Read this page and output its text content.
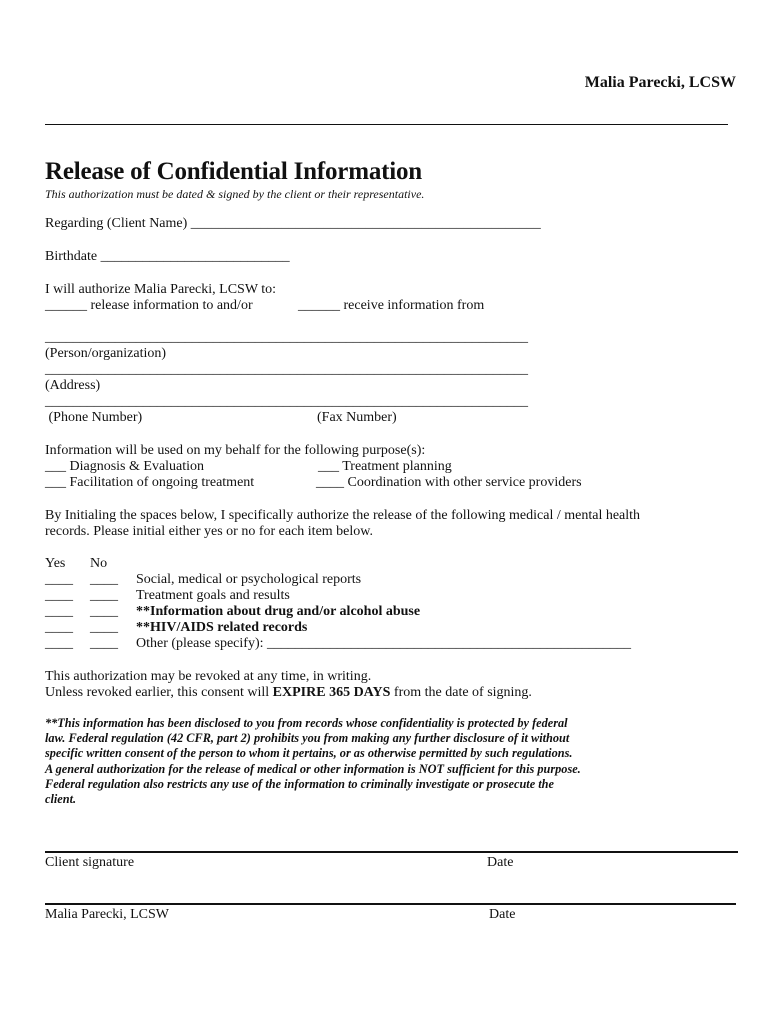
Malia Parecki, LCSW
Release of Confidential Information
This authorization must be dated & signed by the client or their representative.
Regarding (Client Name) __________________________________________________
Birthdate ___________________________
I will authorize Malia Parecki, LCSW to:
______ release information to and/or	______ receive information from
_____________________________________________________________________
(Person/organization)
_____________________________________________________________________
(Address)
_____________________________________________________________________
(Phone Number)	(Fax Number)
Information will be used on my behalf for the following purpose(s):
___ Diagnosis & Evaluation	___ Treatment planning
___ Facilitation of ongoing treatment	____ Coordination with other service providers
By Initialing the spaces below, I specifically authorize the release of the following medical / mental health
records. Please initial either yes or no for each item below.
Yes No
____ ____ Social, medical or psychological reports
____ ____ Treatment goals and results
____ ____ **Information about drug and/or alcohol abuse
____ ____ **HIV/AIDS related records
____ ____ Other (please specify): ____________________________________________________
This authorization may be revoked at any time, in writing.
Unless revoked earlier, this consent will EXPIRE 365 DAYS from the date of signing.
**This information has been disclosed to you from records whose confidentiality is protected by federal
law. Federal regulation (42 CFR, part 2) prohibits you from making any further disclosure of it without
specific written consent of the person to whom it pertains, or as otherwise permitted by such regulations.
A general authorization for the release of medical or other information is NOT sufficient for this purpose.
Federal regulation also restricts any use of the information to criminally investigate or prosecute the
client.
Client signature	Date
Malia Parecki, LCSW	Date
